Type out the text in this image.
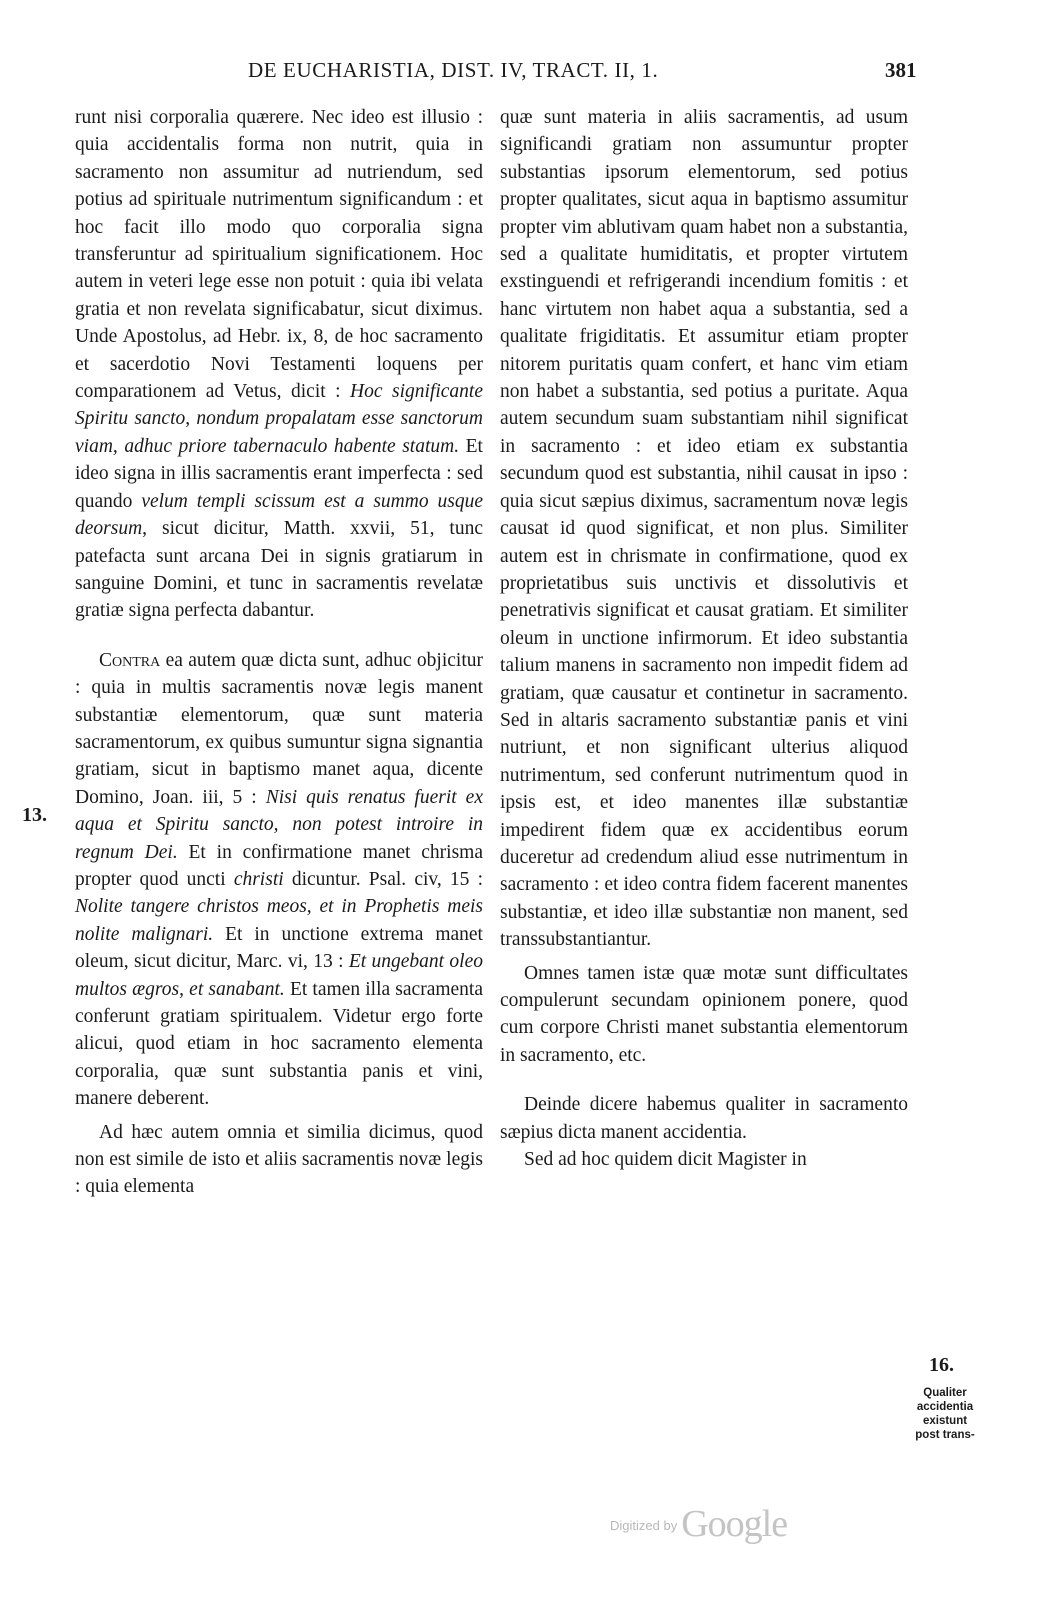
DE EUCHARISTIA, DIST. IV, TRACT. II, 1.	381
13.
16.
Qualiter
accidentia
existunt
post trans-

runt nisi corporalia quærere. Nec ideo est illusio : quia accidentalis forma non nutrit, quia in sacramento non assumitur ad nutriendum, sed potius ad spirituale nutrimentum significandum : et hoc facit illo modo quo corporalia signa transferuntur ad spiritualium significationem. Hoc autem in veteri lege esse non potuit : quia ibi velata gratia et non revelata significabatur, sicut diximus. Unde Apostolus, ad Hebr. ix, 8, de hoc sacramento et sacerdotio Novi Testamenti loquens per comparationem ad Vetus, dicit : Hoc significante Spiritu sancto, nondum propalatam esse sanctorum viam, adhuc priore tabernaculo habente statum. Et ideo signa in illis sacramentis erant imperfecta : sed quando velum templi scissum est a summo usque deorsum, sicut dicitur, Matth. xxvii, 51, tunc patefacta sunt arcana Dei in signis gratiarum in sanguine Domini, et tunc in sacramentis revelatæ gratiæ signa perfecta dabantur.

Contra ea autem quæ dicta sunt, adhuc objicitur : quia in multis sacramentis novæ legis manent substantiæ elementorum, quæ sunt materia sacramentorum, ex quibus sumuntur signa signantia gratiam, sicut in baptismo manet aqua, dicente Domino, Joan. iii, 5 : Nisi quis renatus fuerit ex aqua et Spiritu sancto, non potest introire in regnum Dei. Et in confirmatione manet chrisma propter quod uncti christi dicuntur. Psal. civ, 15 : Nolite tangere christos meos, et in Prophetis meis nolite malignari. Et in unctione extrema manet oleum, sicut dicitur, Marc. vi, 13 : Et ungebant oleo multos ægros, et sanabant. Et tamen illa sacramenta conferunt gratiam spiritualem. Videtur ergo forte alicui, quod etiam in hoc sacramento elementa corporalia, quæ sunt substantia panis et vini, manere deberent.

Ad hæc autem omnia et similia dicimus, quod non est simile de isto et aliis sacramentis novæ legis : quia elementa

quæ sunt materia in aliis sacramentis, ad usum significandi gratiam non assumuntur propter substantias ipsorum elementorum, sed potius propter qualitates, sicut aqua in baptismo assumitur propter vim ablutivam quam habet non a substantia, sed a qualitate humiditatis, et propter virtutem exstinguendi et refrigerandi incendium fomitis : et hanc virtutem non habet aqua a substantia, sed a qualitate frigiditatis. Et assumitur etiam propter nitorem puritatis quam confert, et hanc vim etiam non habet a substantia, sed potius a puritate. Aqua autem secundum suam substantiam nihil significat in sacramento : et ideo etiam ex substantia secundum quod est substantia, nihil causat in ipso : quia sicut sæpius diximus, sacramentum novæ legis causat id quod significat, et non plus. Similiter autem est in chrismate in confirmatione, quod ex proprietatibus suis unctivis et dissolutivis et penetrativis significat et causat gratiam. Et similiter oleum in unctione infirmorum. Et ideo substantia talium manens in sacramento non impedit fidem ad gratiam, quæ causatur et continetur in sacramento. Sed in altaris sacramento substantiæ panis et vini nutriunt, et non significant ulterius aliquod nutrimentum, sed conferunt nutrimentum quod in ipsis est, et ideo manentes illæ substantiæ impedirent fidem quæ ex accidentibus eorum duceretur ad credendum aliud esse nutrimentum in sacramento : et ideo contra fidem facerent manentes substantiæ, et ideo illæ substantiæ non manent, sed transsubstantiantur.

Omnes tamen istæ quæ motæ sunt difficultates compulerunt secundam opinionem ponere, quod cum corpore Christi manet substantia elementorum in sacramento, etc.

Deinde dicere habemus qualiter in sacramento sæpius dicta manent accidentia.

Sed ad hoc quidem dicit Magister in

$^{Digitized by}$ Google
